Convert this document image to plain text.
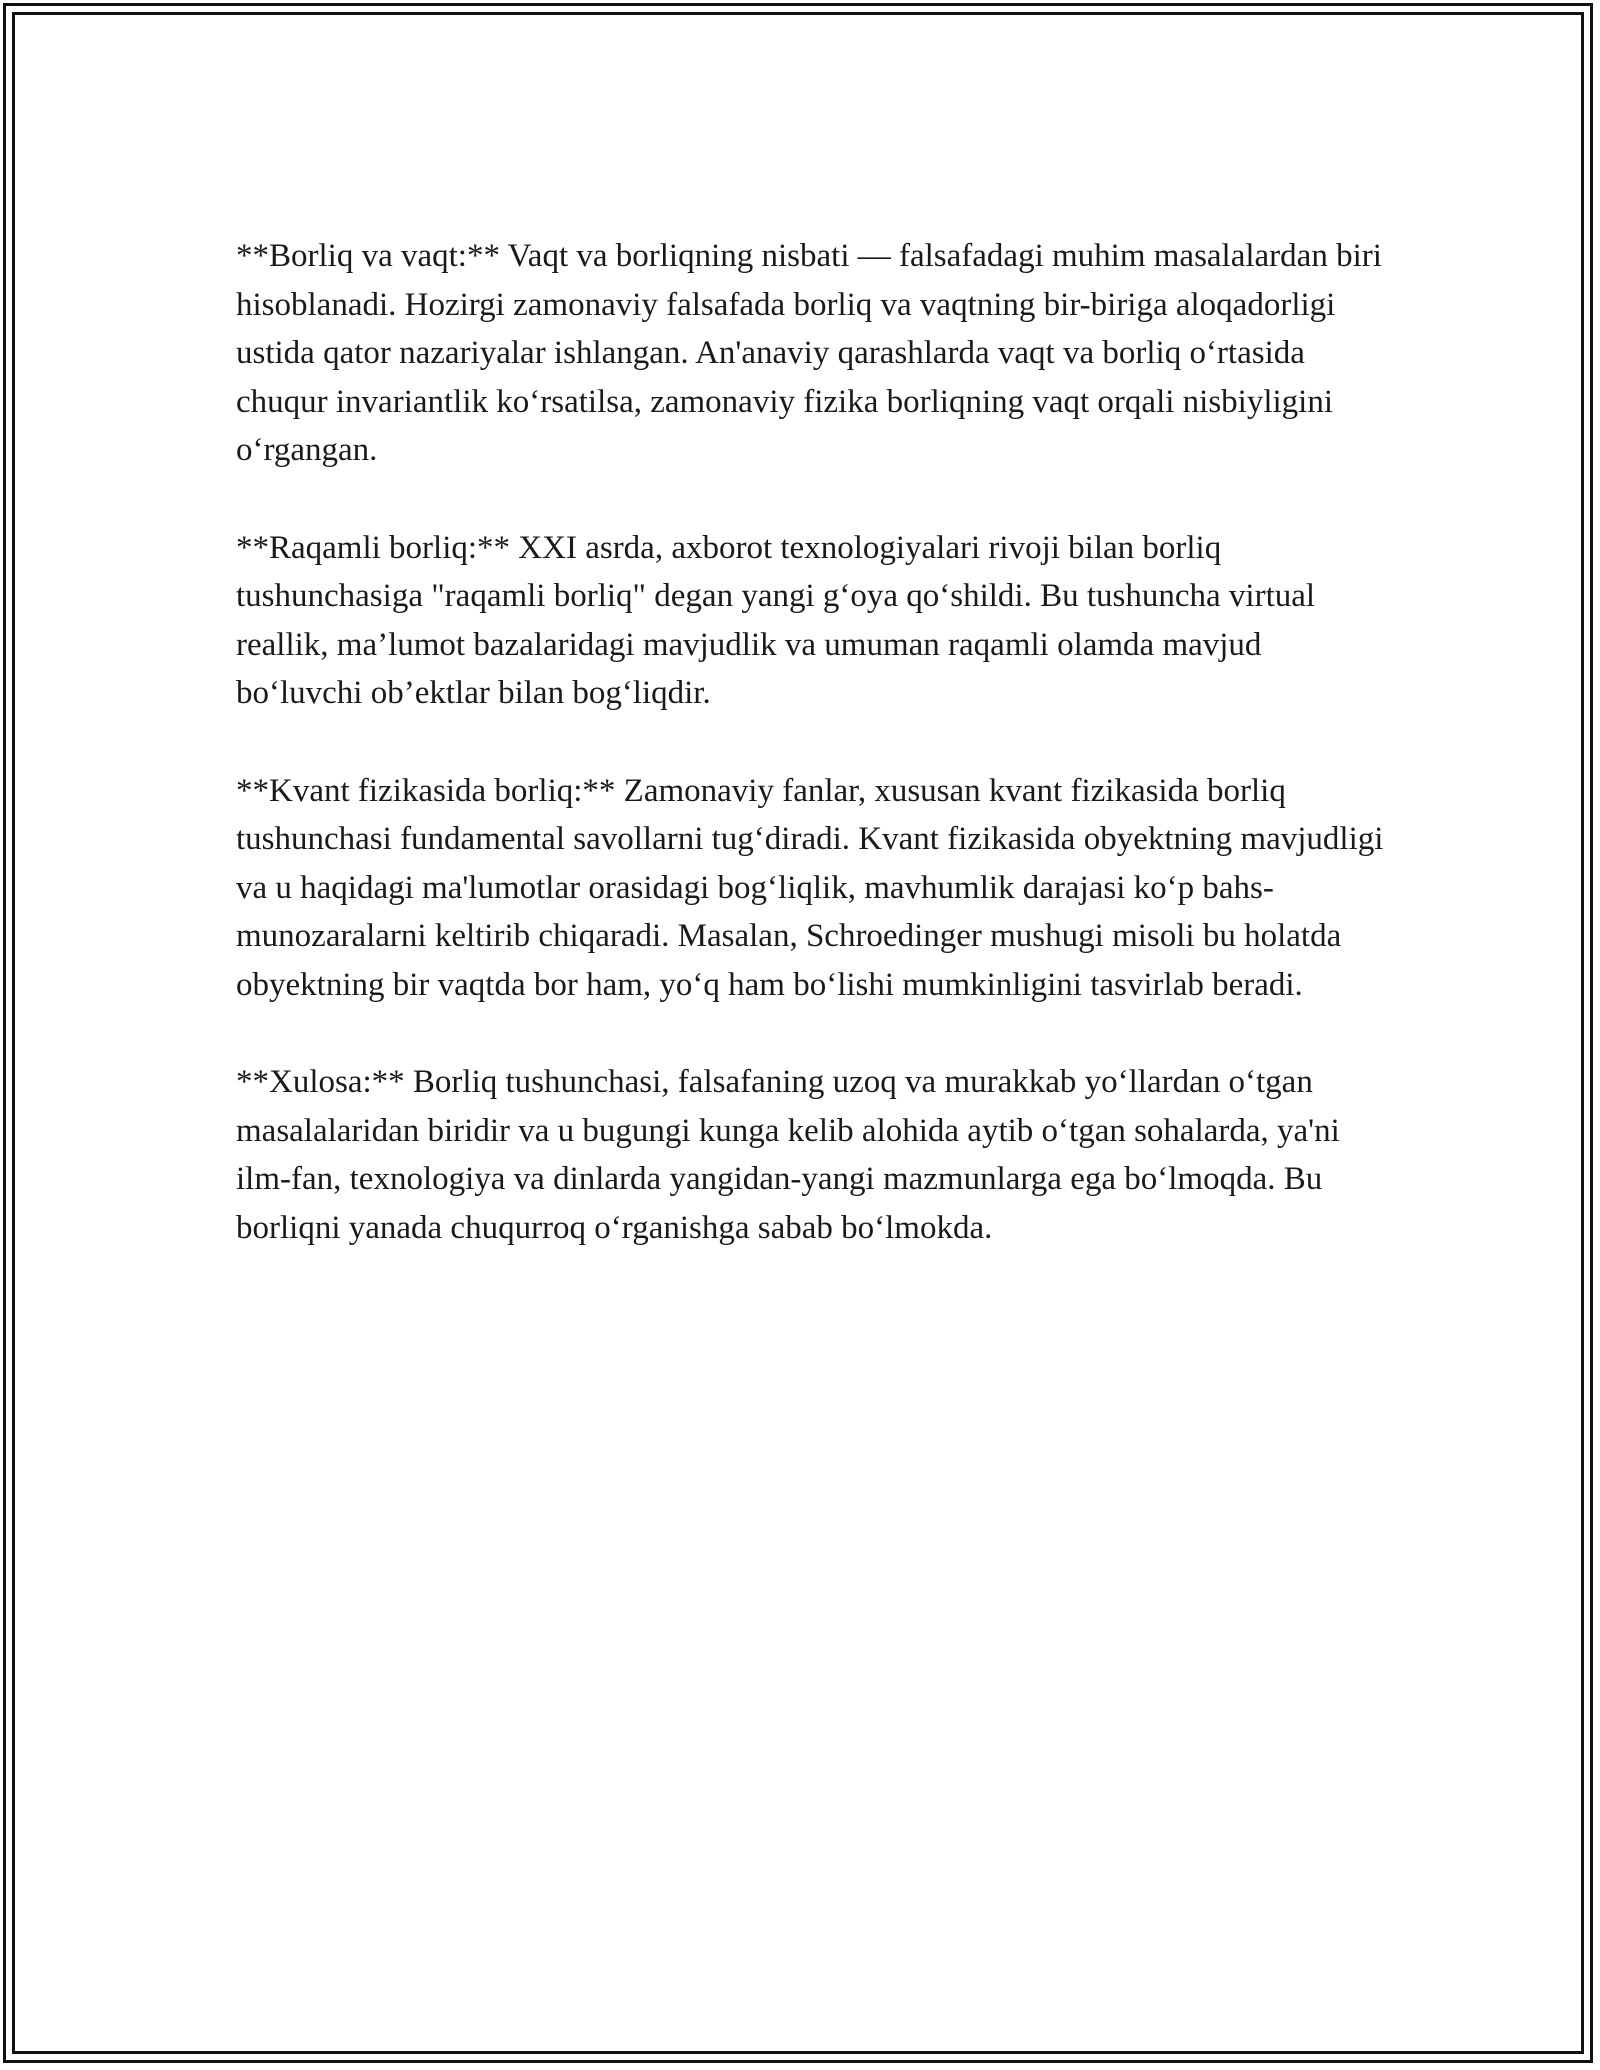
**Borliq va vaqt:** Vaqt va borliqning nisbati — falsafadagi muhim masalalardan biri hisoblanadi. Hozirgi zamonaviy falsafada borliq va vaqtning bir-biriga aloqadorligi ustida qator nazariyalar ishlangan. An'anaviy qarashlarda vaqt va borliq oʻrtasida chuqur invariantlik koʻrsatilsa, zamonaviy fizika borliqning vaqt orqali nisbiyligini oʻrgangan.

**Raqamli borliq:** XXI asrda, axborot texnologiyalari rivoji bilan borliq tushunchasiga "raqamli borliq" degan yangi gʻoya qoʻshildi. Bu tushuncha virtual reallik, ma’lumot bazalaridagi mavjudlik va umuman raqamli olamda mavjud boʻluvchi ob’ektlar bilan bogʻliqdir.

**Kvant fizikasida borliq:** Zamonaviy fanlar, xususan kvant fizikasida borliq tushunchasi fundamental savollarni tugʻdiradi. Kvant fizikasida obyektning mavjudligi va u haqidagi ma'lumotlar orasidagi bogʻliqlik, mavhumlik darajasi koʻp bahs-munozaralarni keltirib chiqaradi. Masalan, Schroedinger mushugi misoli bu holatda obyektning bir vaqtda bor ham, yoʻq ham boʻlishi mumkinligini tasvirlab beradi.

**Xulosa:** Borliq tushunchasi, falsafaning uzoq va murakkab yoʻllardan oʻtgan masalalaridan biridir va u bugungi kunga kelib alohida aytib oʻtgan sohalarda, ya'ni ilm-fan, texnologiya va dinlarda yangidan-yangi mazmunlarga ega boʻlmoqda. Bu borliqni yanada chuqurroq oʻrganishga sabab boʻlmokda.
